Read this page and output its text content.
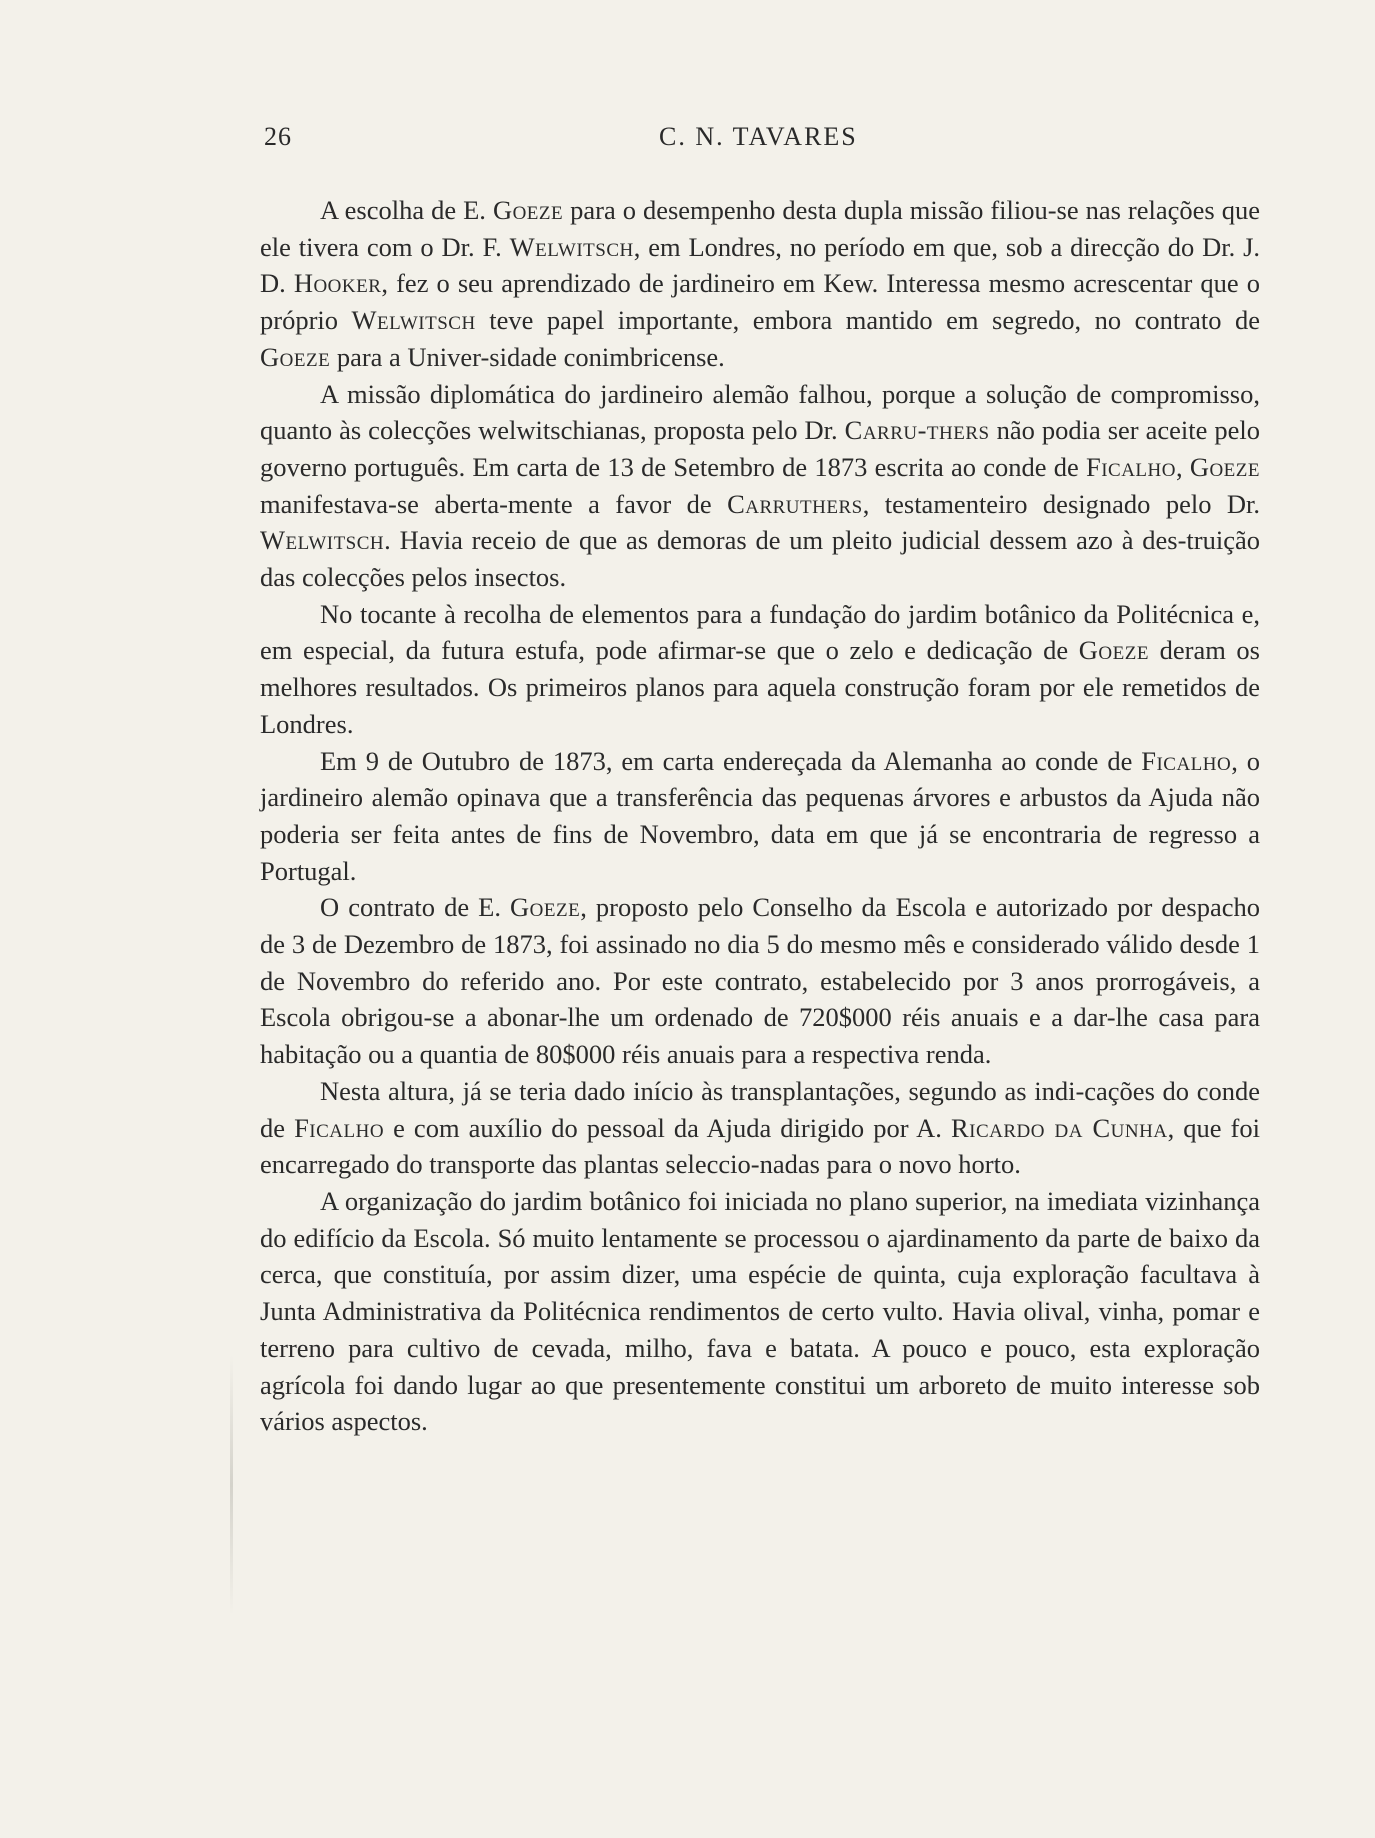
26	C. N. TAVARES

A escolha de E. Goeze para o desempenho desta dupla missão filiou-se nas relações que ele tivera com o Dr. F. Welwitsch, em Londres, no período em que, sob a direcção do Dr. J. D. Hooker, fez o seu aprendizado de jardineiro em Kew. Interessa mesmo acrescentar que o próprio Welwitsch teve papel importante, embora mantido em segredo, no contrato de Goeze para a Univer-sidade conimbricense.

A missão diplomática do jardineiro alemão falhou, porque a solução de compromisso, quanto às colecções welwitschianas, proposta pelo Dr. Carru-thers não podia ser aceite pelo governo português. Em carta de 13 de Setembro de 1873 escrita ao conde de Ficalho, Goeze manifestava-se aberta-mente a favor de Carruthers, testamenteiro designado pelo Dr. Welwitsch. Havia receio de que as demoras de um pleito judicial dessem azo à des-truição das colecções pelos insectos.

No tocante à recolha de elementos para a fundação do jardim botânico da Politécnica e, em especial, da futura estufa, pode afirmar-se que o zelo e dedicação de Goeze deram os melhores resultados. Os primeiros planos para aquela construção foram por ele remetidos de Londres.

Em 9 de Outubro de 1873, em carta endereçada da Alemanha ao conde de Ficalho, o jardineiro alemão opinava que a transferência das pequenas árvores e arbustos da Ajuda não poderia ser feita antes de fins de Novembro, data em que já se encontraria de regresso a Portugal.

O contrato de E. Goeze, proposto pelo Conselho da Escola e autorizado por despacho de 3 de Dezembro de 1873, foi assinado no dia 5 do mesmo mês e considerado válido desde 1 de Novembro do referido ano. Por este contrato, estabelecido por 3 anos prorrogáveis, a Escola obrigou-se a abonar-lhe um ordenado de 720$000 réis anuais e a dar-lhe casa para habitação ou a quantia de 80$000 réis anuais para a respectiva renda.

Nesta altura, já se teria dado início às transplantações, segundo as indi-cações do conde de Ficalho e com auxílio do pessoal da Ajuda dirigido por A. Ricardo da Cunha, que foi encarregado do transporte das plantas seleccio-nadas para o novo horto.

A organização do jardim botânico foi iniciada no plano superior, na imediata vizinhança do edifício da Escola. Só muito lentamente se processou o ajardinamento da parte de baixo da cerca, que constituía, por assim dizer, uma espécie de quinta, cuja exploração facultava à Junta Administrativa da Politécnica rendimentos de certo vulto. Havia olival, vinha, pomar e terreno para cultivo de cevada, milho, fava e batata. A pouco e pouco, esta exploração agrícola foi dando lugar ao que presentemente constitui um arboreto de muito interesse sob vários aspectos.
